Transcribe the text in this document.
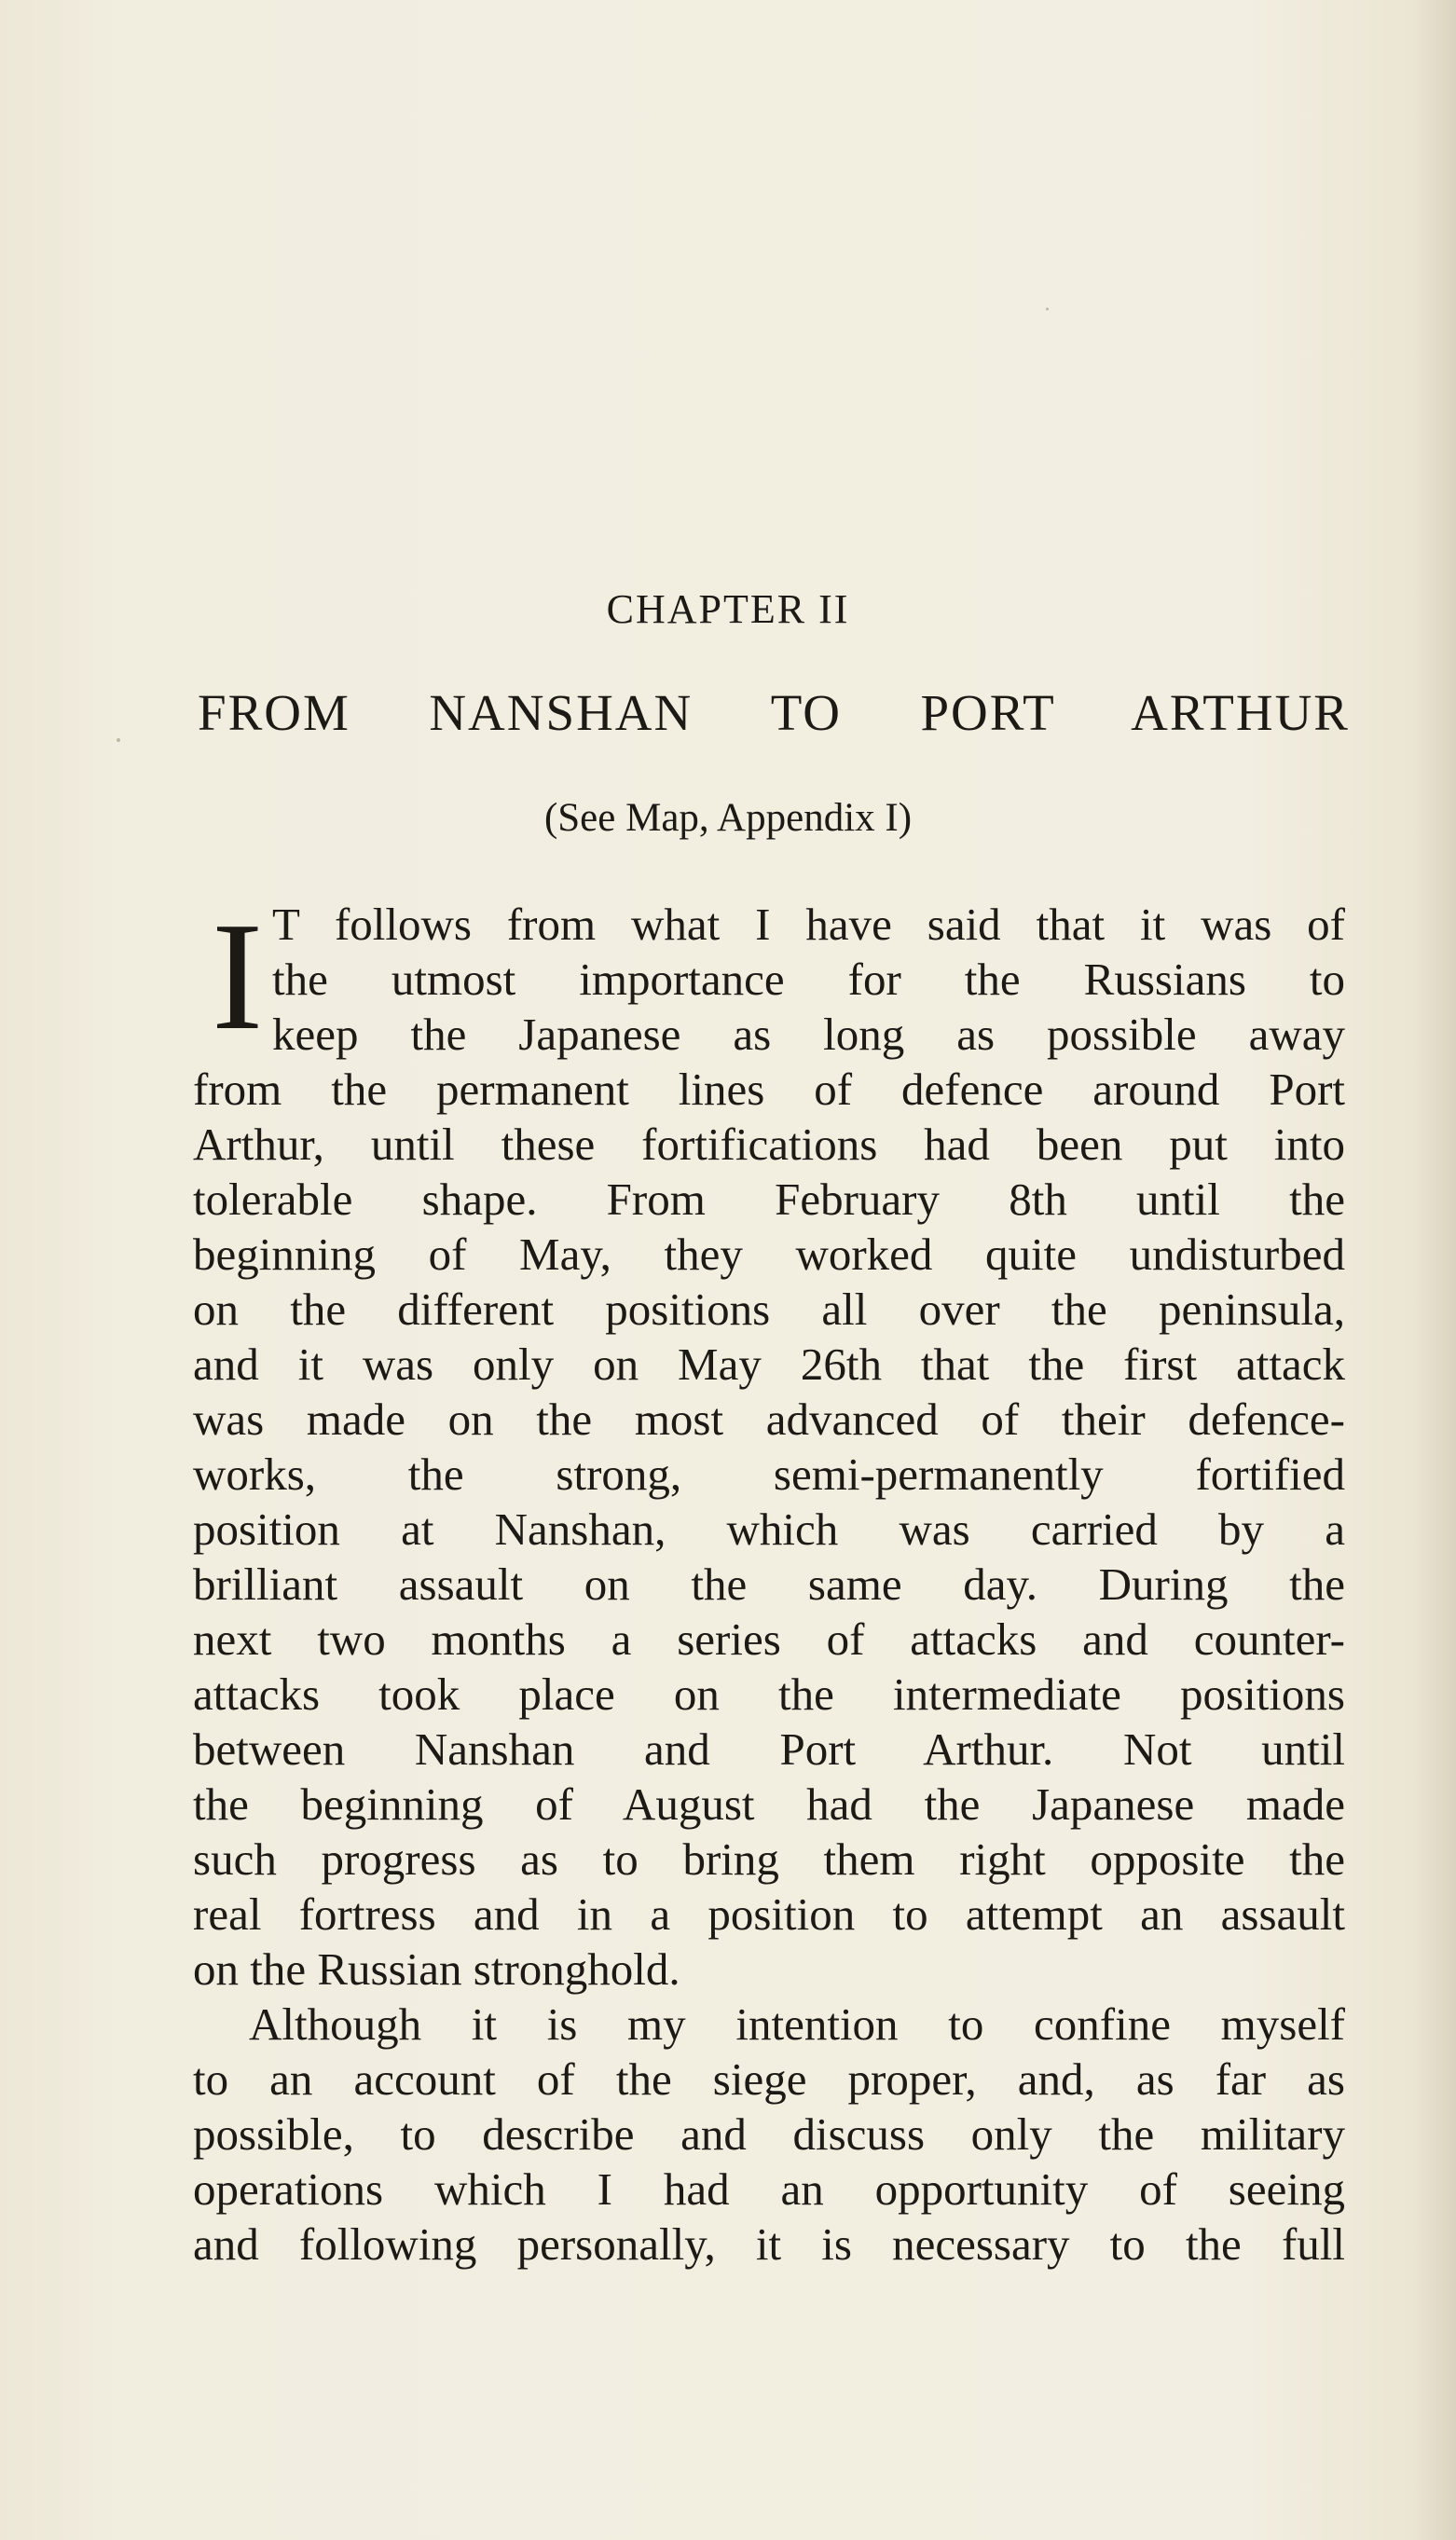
CHAPTER II
FROM NANSHAN TO PORT ARTHUR
(See Map, Appendix I)
I T follows from what I have said that it was of
the utmost importance for the Russians to
keep the Japanese as long as possible away
from the permanent lines of defence around Port
Arthur, until these fortifications had been put into
tolerable shape. From February 8th until the
beginning of May, they worked quite undisturbed
on the different positions all over the peninsula,
and it was only on May 26th that the first attack
was made on the most advanced of their defence-
works, the strong, semi-permanently fortified
position at Nanshan, which was carried by a
brilliant assault on the same day. During the
next two months a series of attacks and counter-
attacks took place on the intermediate positions
between Nanshan and Port Arthur. Not until
the beginning of August had the Japanese made
such progress as to bring them right opposite the
real fortress and in a position to attempt an assault
on the Russian stronghold.
Although it is my intention to confine myself
to an account of the siege proper, and, as far as
possible, to describe and discuss only the military
operations which I had an opportunity of seeing
and following personally, it is necessary to the full
